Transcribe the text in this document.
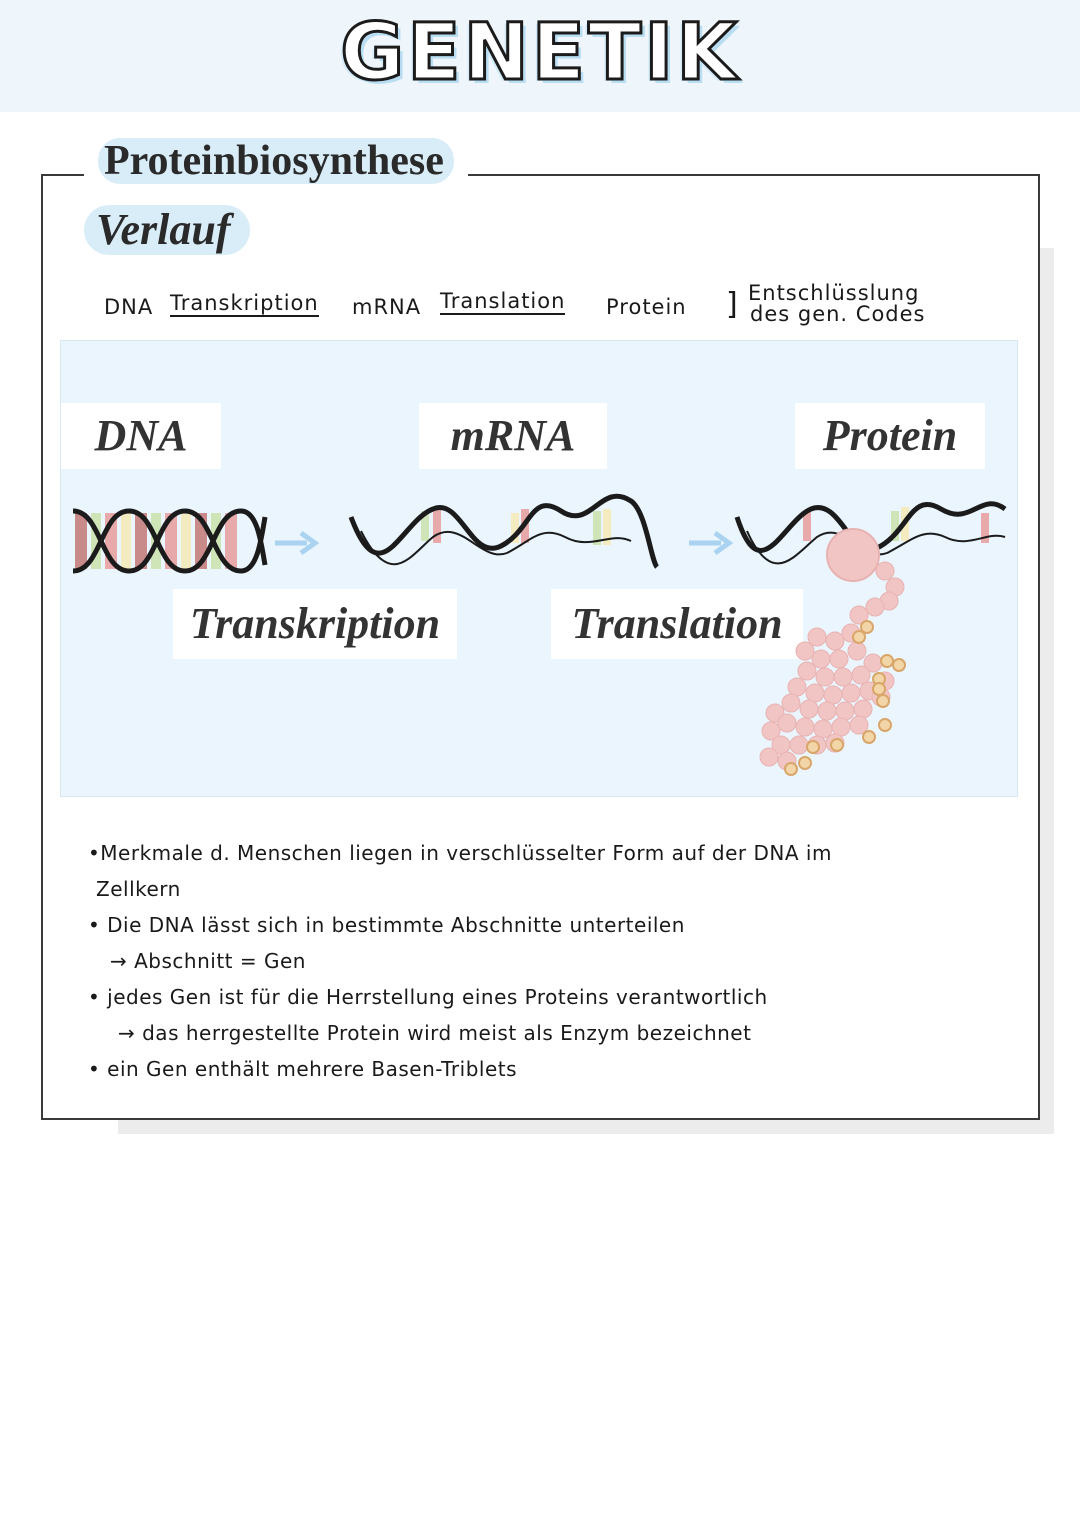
GENETIK
Proteinbiosynthese
Verlauf
DNA Transkription mRNA Translation Protein ] Entschlüsslung
des gen. Codes
DNA	mRNA	Protein
Transkription	Translation
•Merkmale d. Menschen liegen in verschlüsselter Form auf der DNA im
Zellkern
• Die DNA lässt sich in bestimmte Abschnitte unterteilen
→ Abschnitt = Gen
• jedes Gen ist für die Herrstellung eines Proteins verantwortlich
→ das herrgestellte Protein wird meist als Enzym bezeichnet
• ein Gen enthält mehrere Basen-Triblets
